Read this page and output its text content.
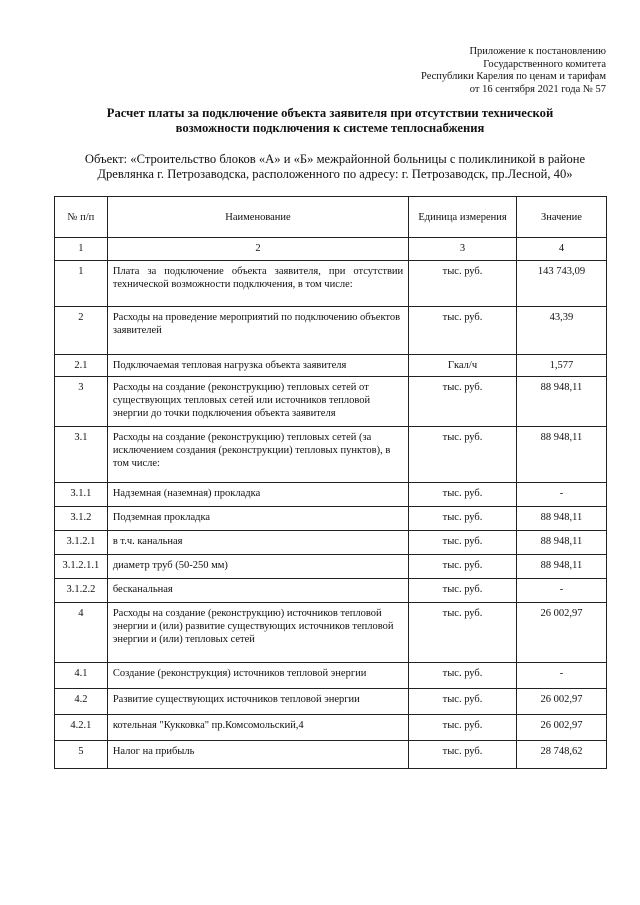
Приложение к постановлению
Государственного комитета
Республики Карелия по ценам и тарифам
от 16 сентября 2021 года № 57
Расчет платы за подключение объекта заявителя при отсутствии технической возможности подключения к системе теплоснабжения
Объект: «Строительство блоков «А» и «Б» межрайонной больницы с поликлиникой в районе Древлянка г. Петрозаводска, расположенного по адресу: г. Петрозаводск, пр.Лесной, 40»
№ п/п	Наименование	Единица измерения	Значение
1	2	3	4
1	Плата за подключение объекта заявителя, при отсутствии технической возможности подключения, в том числе:	тыс. руб.	143 743,09
2	Расходы на проведение мероприятий по подключению объектов заявителей	тыс. руб.	43,39
2.1	Подключаемая тепловая нагрузка объекта заявителя	Гкал/ч	1,577
3	Расходы на создание (реконструкцию) тепловых сетей от существующих тепловых сетей или источников тепловой энергии до точки подключения объекта заявителя	тыс. руб.	88 948,11
3.1	Расходы на создание (реконструкцию) тепловых сетей (за исключением создания (реконструкции) тепловых пунктов), в том числе:	тыс. руб.	88 948,11
3.1.1	Надземная (наземная) прокладка	тыс. руб.	-
3.1.2	Подземная прокладка	тыс. руб.	88 948,11
3.1.2.1	в т.ч. канальная	тыс. руб.	88 948,11
3.1.2.1.1	диаметр труб (50-250 мм)	тыс. руб.	88 948,11
3.1.2.2	бесканальная	тыс. руб.	-
4	Расходы на создание (реконструкцию) источников тепловой энергии и (или) развитие существующих источников тепловой энергии и (или) тепловых сетей	тыс. руб.	26 002,97
4.1	Создание (реконструкция) источников тепловой энергии	тыс. руб.	-
4.2	Развитие существующих источников тепловой энергии	тыс. руб.	26 002,97
4.2.1	котельная "Кукковка" пр.Комсомольский,4	тыс. руб.	26 002,97
5	Налог на прибыль	тыс. руб.	28 748,62
